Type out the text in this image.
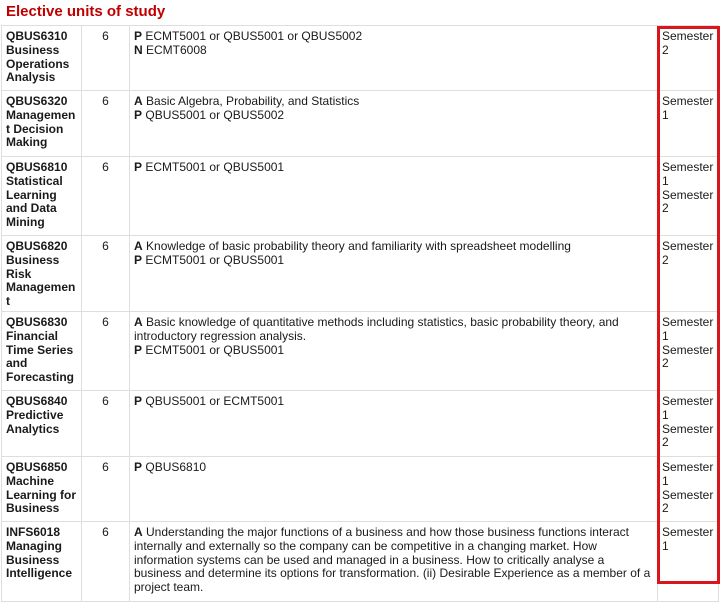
Elective units of study
QBUS6310
Business Operations Analysis	6	P ECMT5001 or QBUS5001 or QBUS5002
N ECMT6008	Semester 2

QBUS6320
Management Decision Making	6	A Basic Algebra, Probability, and Statistics
P QBUS5001 or QBUS5002	Semester 1

QBUS6810
Statistical Learning and Data Mining	6	P ECMT5001 or QBUS5001	Semester 1 Semester 2

QBUS6820
Business Risk Management	6	A Knowledge of basic probability theory and familiarity with spreadsheet modelling
P ECMT5001 or QBUS5001	Semester 2

QBUS6830
Financial Time Series and Forecasting	6	A Basic knowledge of quantitative methods including statistics, basic probability theory, and introductory regression analysis.
P ECMT5001 or QBUS5001	Semester 1 Semester 2

QBUS6840
Predictive Analytics	6	P QBUS5001 or ECMT5001	Semester 1 Semester 2

QBUS6850
Machine Learning for Business	6	P QBUS6810	Semester 1 Semester 2

INFS6018
Managing Business Intelligence	6	A Understanding the major functions of a business and how those business functions interact internally and externally so the company can be competitive in a changing market. How information systems can be used and managed in a business. How to critically analyse a business and determine its options for transformation. (ii) Desirable Experience as a member of a project team.	Semester 1
